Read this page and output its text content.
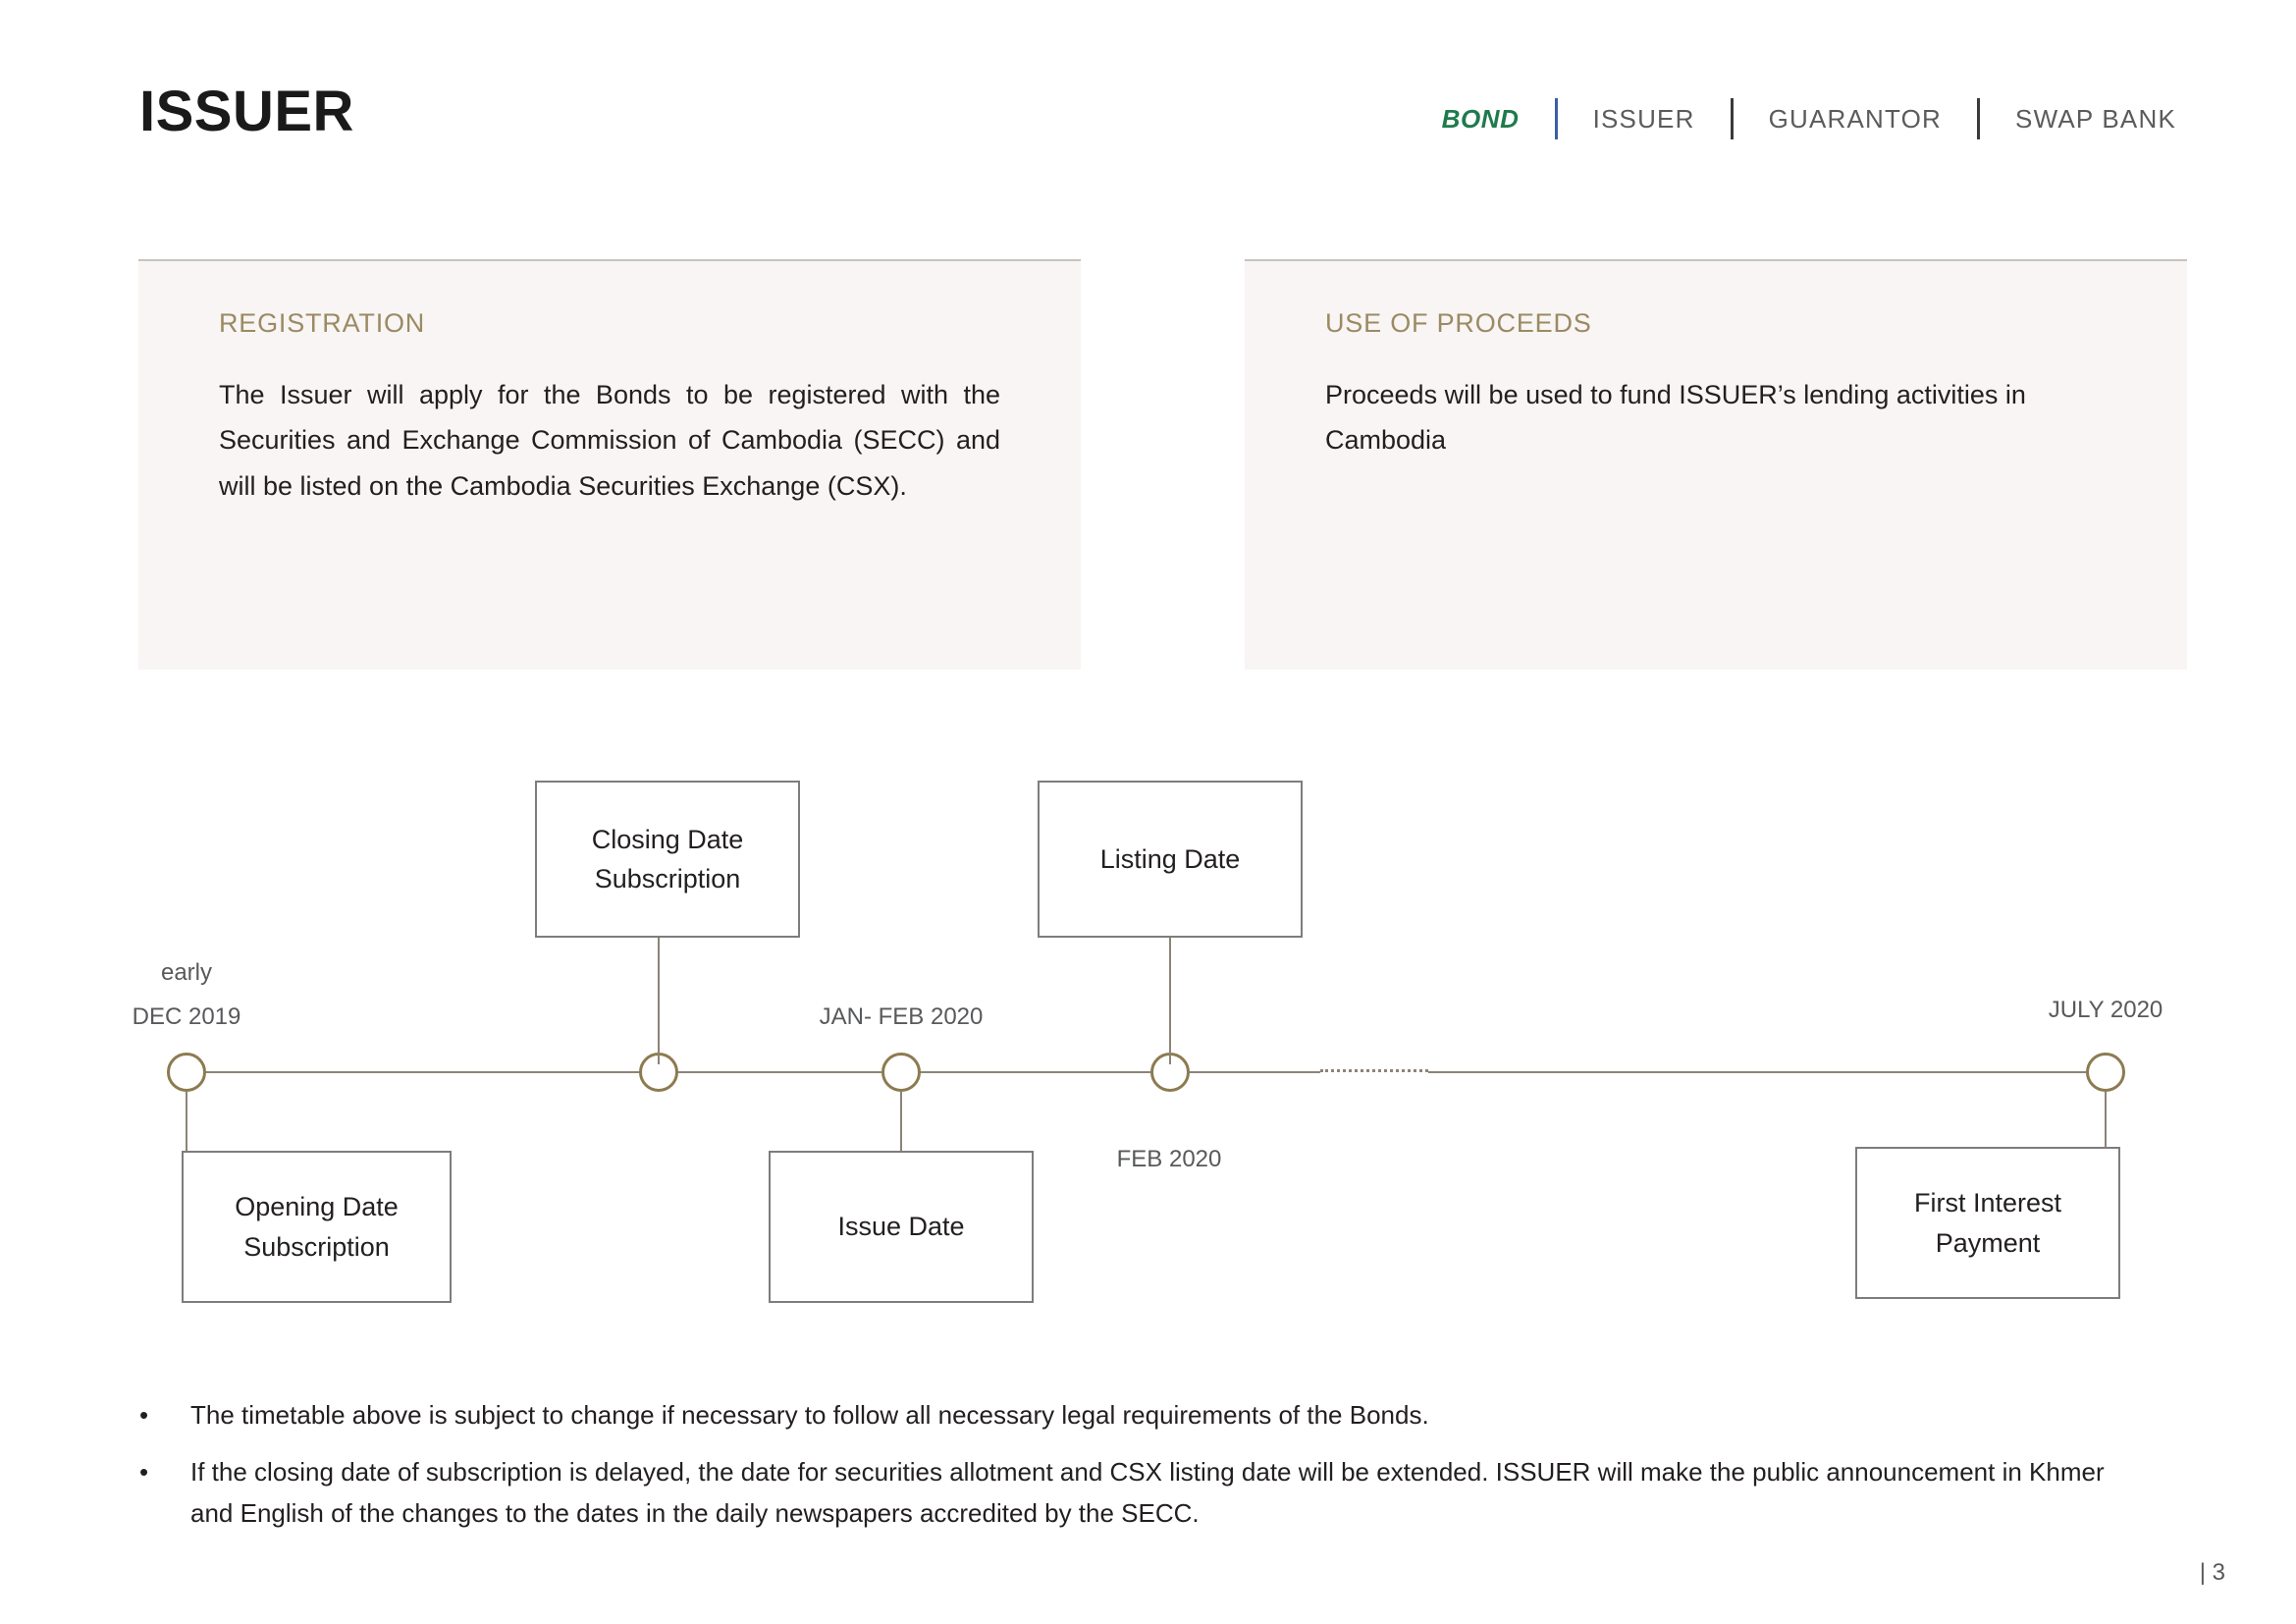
ISSUER	BOND	ISSUER	GUARANTOR	SWAP BANK
REGISTRATION

The Issuer will apply for the Bonds to be registered with the Securities and Exchange Commission of Cambodia (SECC) and will be listed on the Cambodia Securities Exchange (CSX).

USE OF PROCEEDS

Proceeds will be used to fund ISSUER’s lending activities in Cambodia

early
DEC 2019
Opening Date
Subscription
Closing Date
Subscription
JAN- FEB 2020
Issue Date
Listing Date
FEB 2020
JULY 2020
First Interest
Payment
•	The timetable above is subject to change if necessary to follow all necessary legal requirements of the Bonds.
•	If the closing date of subscription is delayed, the date for securities allotment and CSX listing date will be extended. ISSUER will make the public announcement in Khmer and English of the changes to the dates in the daily newspapers accredited by the SECC.
| 3
